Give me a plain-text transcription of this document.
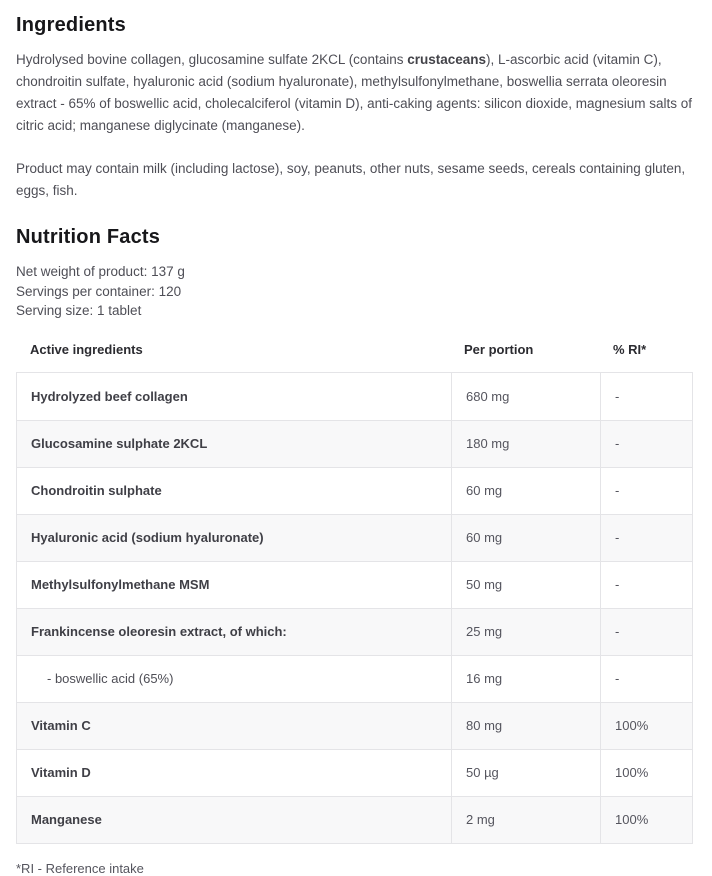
Ingredients

Hydrolysed bovine collagen, glucosamine sulfate 2KCL (contains crustaceans), L-ascorbic acid (vitamin C), chondroitin sulfate, hyaluronic acid (sodium hyaluronate), methylsulfonylmethane, boswellia serrata oleoresin extract - 65% of boswellic acid, cholecalciferol (vitamin D), anti-caking agents: silicon dioxide, magnesium salts of citric acid; manganese diglycinate (manganese).

Product may contain milk (including lactose), soy, peanuts, other nuts, sesame seeds, cereals containing gluten, eggs, fish.

Nutrition Facts
Net weight of product: 137 g
Servings per container: 120
Serving size: 1 tablet
Active ingredients	Per portion	% RI*
Hydrolyzed beef collagen	680 mg	-
Glucosamine sulphate 2KCL	180 mg	-
Chondroitin sulphate	60 mg	-
Hyaluronic acid (sodium hyaluronate)	60 mg	-
Methylsulfonylmethane MSM	50 mg	-
Frankincense oleoresin extract, of which:	25 mg	-
- boswellic acid (65%)	16 mg	-
Vitamin C	80 mg	100%
Vitamin D	50 µg	100%
Manganese	2 mg	100%
*RI - Reference intake
